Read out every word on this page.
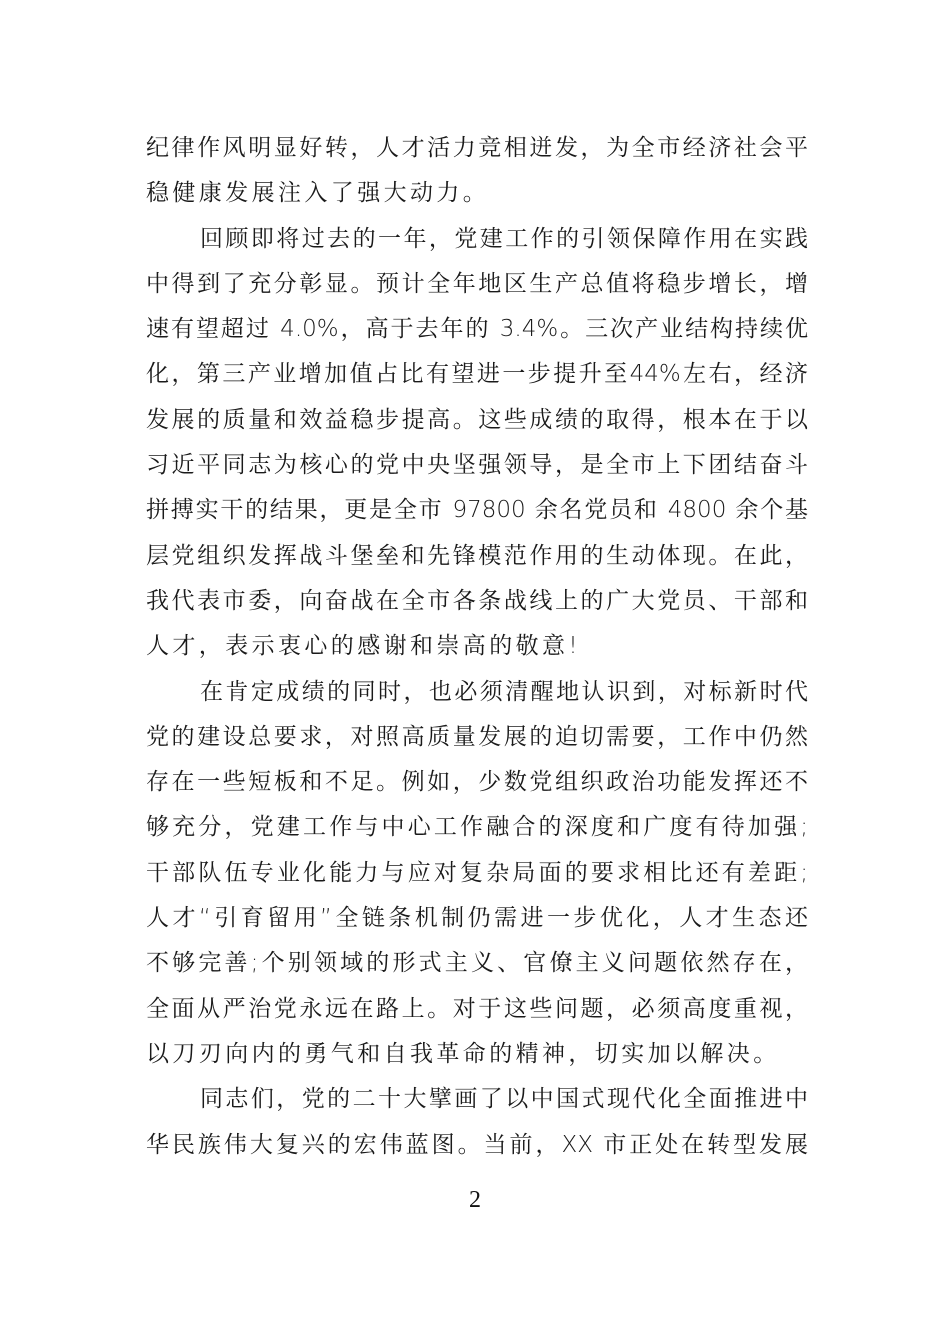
纪律作风明显好转，人才活力竞相迸发，为全市经济社会平
稳健康发展注入了强大动力。
回顾即将过去的一年，党建工作的引领保障作用在实践
中得到了充分彰显。预计全年地区生产总值将稳步增长，增
速有望超过 4.0%，高于去年的 3.4%。三次产业结构持续优
化，第三产业增加值占比有望进一步提升至44%左右，经济
发展的质量和效益稳步提高。这些成绩的取得，根本在于以
习近平同志为核心的党中央坚强领导，是全市上下团结奋斗
拼搏实干的结果，更是全市 97800 余名党员和 4800 余个基
层党组织发挥战斗堡垒和先锋模范作用的生动体现。在此，
我代表市委，向奋战在全市各条战线上的广大党员、干部和
人才，表示衷心的感谢和崇高的敬意!
在肯定成绩的同时，也必须清醒地认识到，对标新时代
党的建设总要求，对照高质量发展的迫切需要，工作中仍然
存在一些短板和不足。例如，少数党组织政治功能发挥还不
够充分，党建工作与中心工作融合的深度和广度有待加强;
干部队伍专业化能力与应对复杂局面的要求相比还有差距;
人才“引育留用”全链条机制仍需进一步优化，人才生态还
不够完善;个别领域的形式主义、官僚主义问题依然存在，
全面从严治党永远在路上。对于这些问题，必须高度重视，
以刀刃向内的勇气和自我革命的精神，切实加以解决。
同志们，党的二十大擘画了以中国式现代化全面推进中
华民族伟大复兴的宏伟蓝图。当前，XX 市正处在转型发展
2
